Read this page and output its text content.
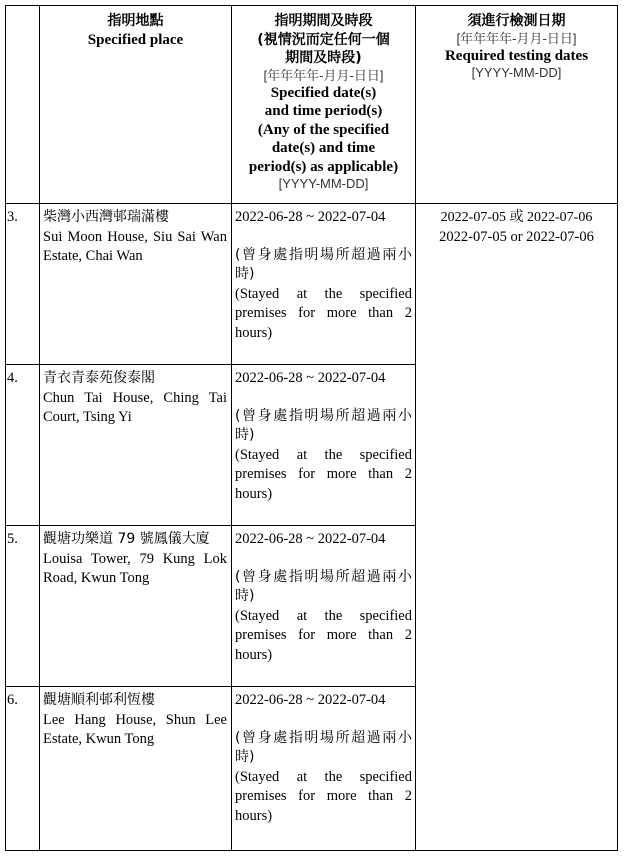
指明地點
Specified place
指明期間及時段
(視情況而定任何一個
期間及時段)
[年年年年-月月-日日]
Specified date(s)
and time period(s)
(Any of the specified
date(s) and time
period(s) as applicable)
[YYYY-MM-DD]
須進行檢測日期
[年年年年-月月-日日]
Required testing dates
[YYYY-MM-DD]
2022-07-05 或 2022-07-06
2022-07-05 or 2022-07-06
3. 柴灣小西灣邨瑞滿樓
Sui Moon House, Siu Sai Wan Estate, Chai Wan
2022-06-28 ~ 2022-07-04
(曾身處指明場所超過兩小時)
(Stayed at the specified premises for more than 2 hours)
4. 青衣青泰苑俊泰閣
Chun Tai House, Ching Tai Court, Tsing Yi
2022-06-28 ~ 2022-07-04
(曾身處指明場所超過兩小時)
(Stayed at the specified premises for more than 2 hours)
5. 觀塘功樂道 79 號鳳儀大廈
Louisa Tower, 79 Kung Lok Road, Kwun Tong
2022-06-28 ~ 2022-07-04
(曾身處指明場所超過兩小時)
(Stayed at the specified premises for more than 2 hours)
6. 觀塘順利邨利恆樓
Lee Hang House, Shun Lee Estate, Kwun Tong
2022-06-28 ~ 2022-07-04
(曾身處指明場所超過兩小時)
(Stayed at the specified premises for more than 2 hours)
